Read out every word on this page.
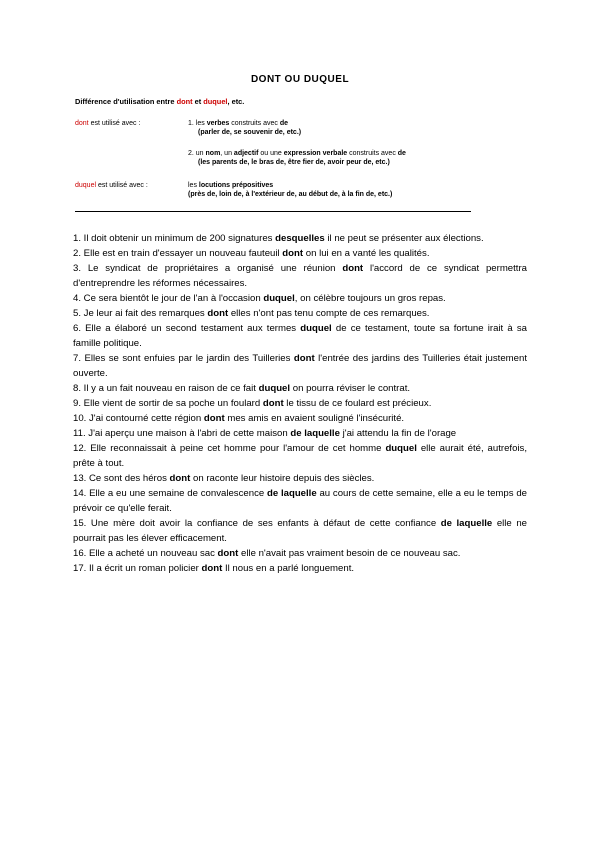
DONT OU DUQUEL
Différence d'utilisation entre dont et duquel, etc.
dont est utilisé avec :	1. les verbes construits avec de
(parler de, se souvenir de, etc.)
2. un nom, un adjectif ou une expression verbale construits avec de
(les parents de, le bras de, être fier de, avoir peur de, etc.)
duquel est utilisé avec :	les locutions prépositives
(près de, loin de, à l'extérieur de, au début de, à la fin de, etc.)

1. Il doit obtenir un minimum de 200 signatures desquelles il ne peut se présenter aux élections.

2. Elle est en train d'essayer un nouveau fauteuil dont on lui en a vanté les qualités.

3. Le syndicat de propriétaires a organisé une réunion dont l'accord de ce syndicat permettra d'entreprendre les réformes nécessaires.

4. Ce sera bientôt le jour de l'an à l'occasion duquel, on célèbre toujours un gros repas.

5. Je leur ai fait des remarques dont elles n'ont pas tenu compte de ces remarques.

6. Elle a élaboré un second testament aux termes duquel de ce testament, toute sa fortune irait à sa famille politique.

7. Elles se sont enfuies par le jardin des Tuilleries dont l'entrée des jardins des Tuilleries était justement ouverte.

8. Il y a un fait nouveau en raison de ce fait duquel on pourra réviser le contrat.

9. Elle vient de sortir de sa poche un foulard dont le tissu de ce foulard est précieux.

10. J'ai contourné cette région dont mes amis en avaient souligné l'insécurité.

11. J'ai aperçu une maison à l'abri de cette maison de laquelle j'ai attendu la fin de l'orage

12. Elle reconnaissait à peine cet homme pour l'amour de cet homme duquel elle aurait été, autrefois, prête à tout.

13. Ce sont des héros dont on raconte leur histoire depuis des siècles.

14. Elle a eu une semaine de convalescence de laquelle au cours de cette semaine, elle a eu le temps de prévoir ce qu'elle ferait.

15. Une mère doit avoir la confiance de ses enfants à défaut de cette confiance de laquelle elle ne pourrait pas les élever efficacement.

16. Elle a acheté un nouveau sac dont elle n'avait pas vraiment besoin de ce nouveau sac.

17. Il a écrit un roman policier dont Il nous en a parlé longuement.
